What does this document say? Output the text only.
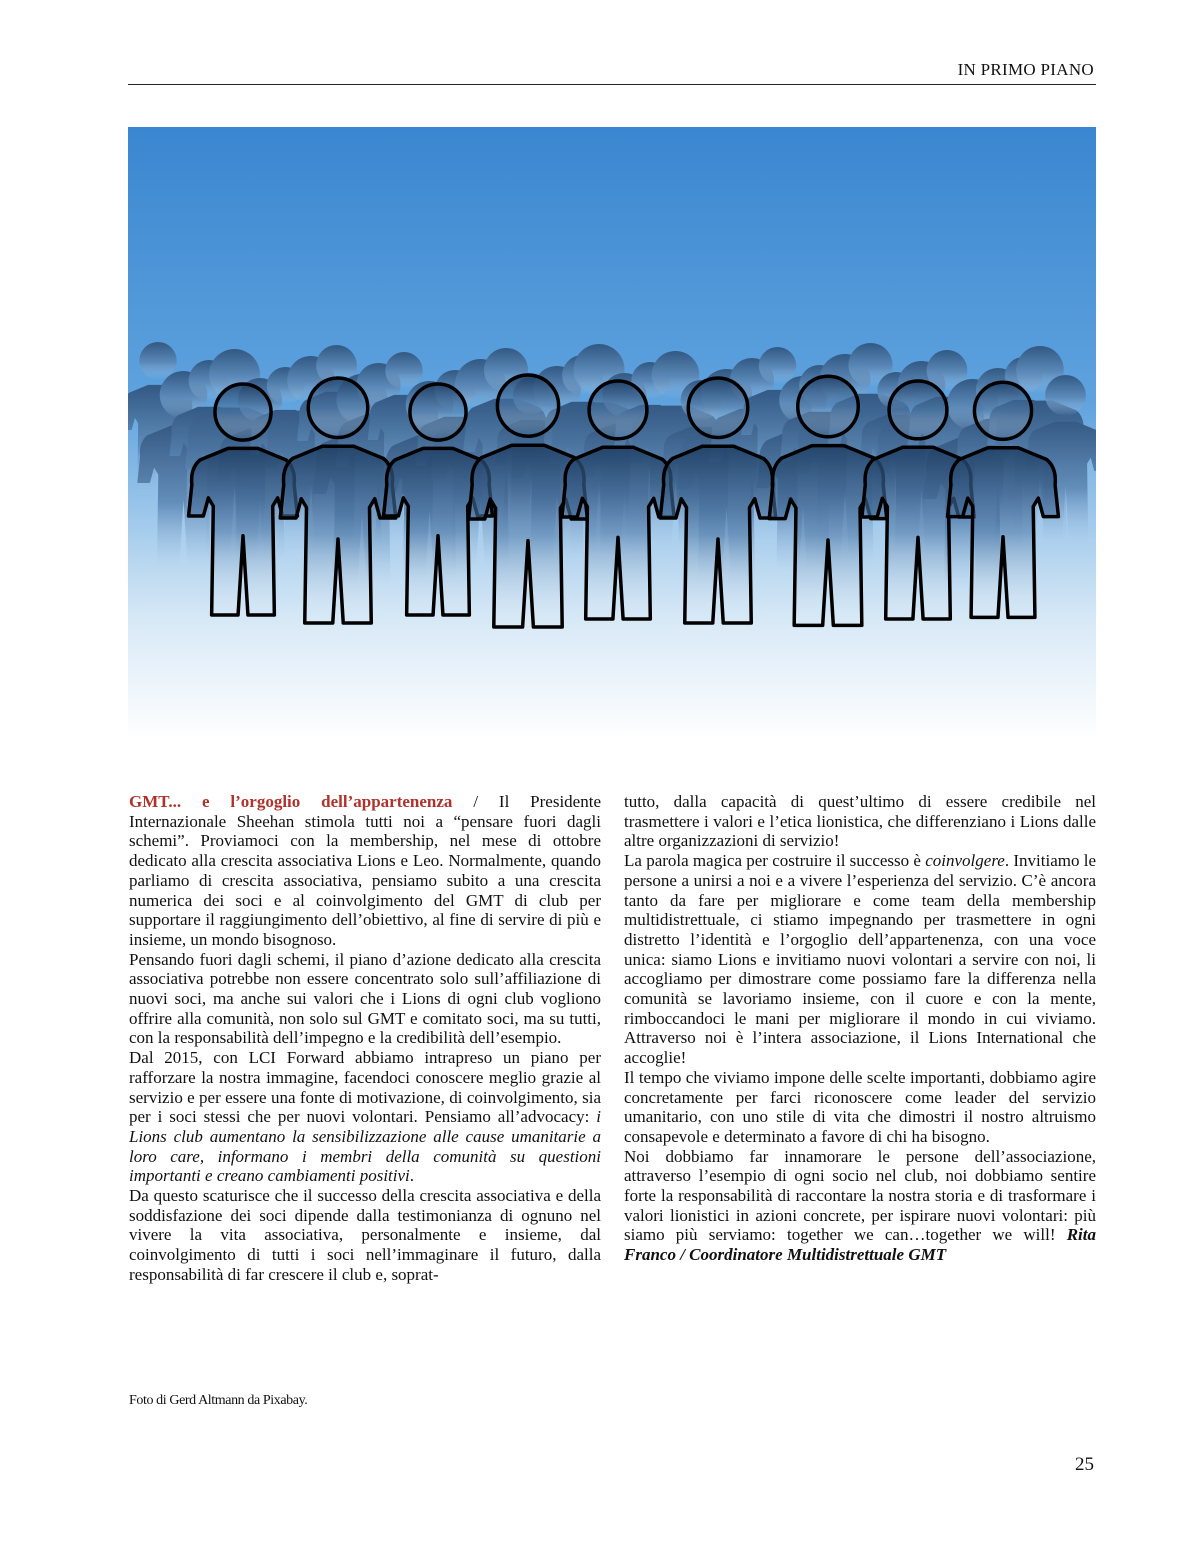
IN PRIMO PIANO

GMT... e l’orgoglio dell’appartenenza / Il Presidente Internazionale Sheehan stimola tutti noi a “pensare fuori dagli schemi”. Proviamoci con la membership, nel mese di ottobre dedicato alla crescita associativa Lions e Leo. Normalmente, quando parliamo di crescita associativa, pensiamo subito a una crescita numerica dei soci e al coinvolgimento del GMT di club per supportare il raggiungimento dell’obiettivo, al fine di servire di più e insieme, un mondo bisognoso.

Pensando fuori dagli schemi, il piano d’azione dedicato alla crescita associativa potrebbe non essere concentrato solo sull’affiliazione di nuovi soci, ma anche sui valori che i Lions di ogni club vogliono offrire alla comunità, non solo sul GMT e comitato soci, ma su tutti, con la responsabilità dell’impegno e la credibilità dell’esempio.

Dal 2015, con LCI Forward abbiamo intrapreso un piano per rafforzare la nostra immagine, facendoci conoscere meglio grazie al servizio e per essere una fonte di motivazione, di coinvolgimento, sia per i soci stessi che per nuovi volontari. Pensiamo all’advocacy: i Lions club aumentano la sensibilizzazione alle cause umanitarie a loro care, informano i membri della comunità su questioni importanti e creano cambiamenti positivi.

Da questo scaturisce che il successo della crescita associativa e della soddisfazione dei soci dipende dalla testimonianza di ognuno nel vivere la vita associativa, personalmente e insieme, dal coinvolgimento di tutti i soci nell’immaginare il futuro, dalla responsabilità di far crescere il club e, soprat-

tutto, dalla capacità di quest’ultimo di essere credibile nel trasmettere i valori e l’etica lionistica, che differenziano i Lions dalle altre organizzazioni di servizio!

La parola magica per costruire il successo è coinvolgere. Invitiamo le persone a unirsi a noi e a vivere l’esperienza del servizio. C’è ancora tanto da fare per migliorare e come team della membership multidistrettuale, ci stiamo impegnando per trasmettere in ogni distretto l’identità e l’orgoglio dell’appartenenza, con una voce unica: siamo Lions e invitiamo nuovi volontari a servire con noi, li accogliamo per dimostrare come possiamo fare la differenza nella comunità se lavoriamo insieme, con il cuore e con la mente, rimboccandoci le mani per migliorare il mondo in cui viviamo. Attraverso noi è l’intera associazione, il Lions International che accoglie!

Il tempo che viviamo impone delle scelte importanti, dobbiamo agire concretamente per farci riconoscere come leader del servizio umanitario, con uno stile di vita che dimostri il nostro altruismo consapevole e determinato a favore di chi ha bisogno.

Noi dobbiamo far innamorare le persone dell’associazione, attraverso l’esempio di ogni socio nel club, noi dobbiamo sentire forte la responsabilità di raccontare la nostra storia e di trasformare i valori lionistici in azioni concrete, per ispirare nuovi volontari: più siamo più serviamo: together we can…together we will! Rita Franco / Coordinatore Multidistrettuale GMT

Foto di Gerd Altmann da Pixabay.
25
